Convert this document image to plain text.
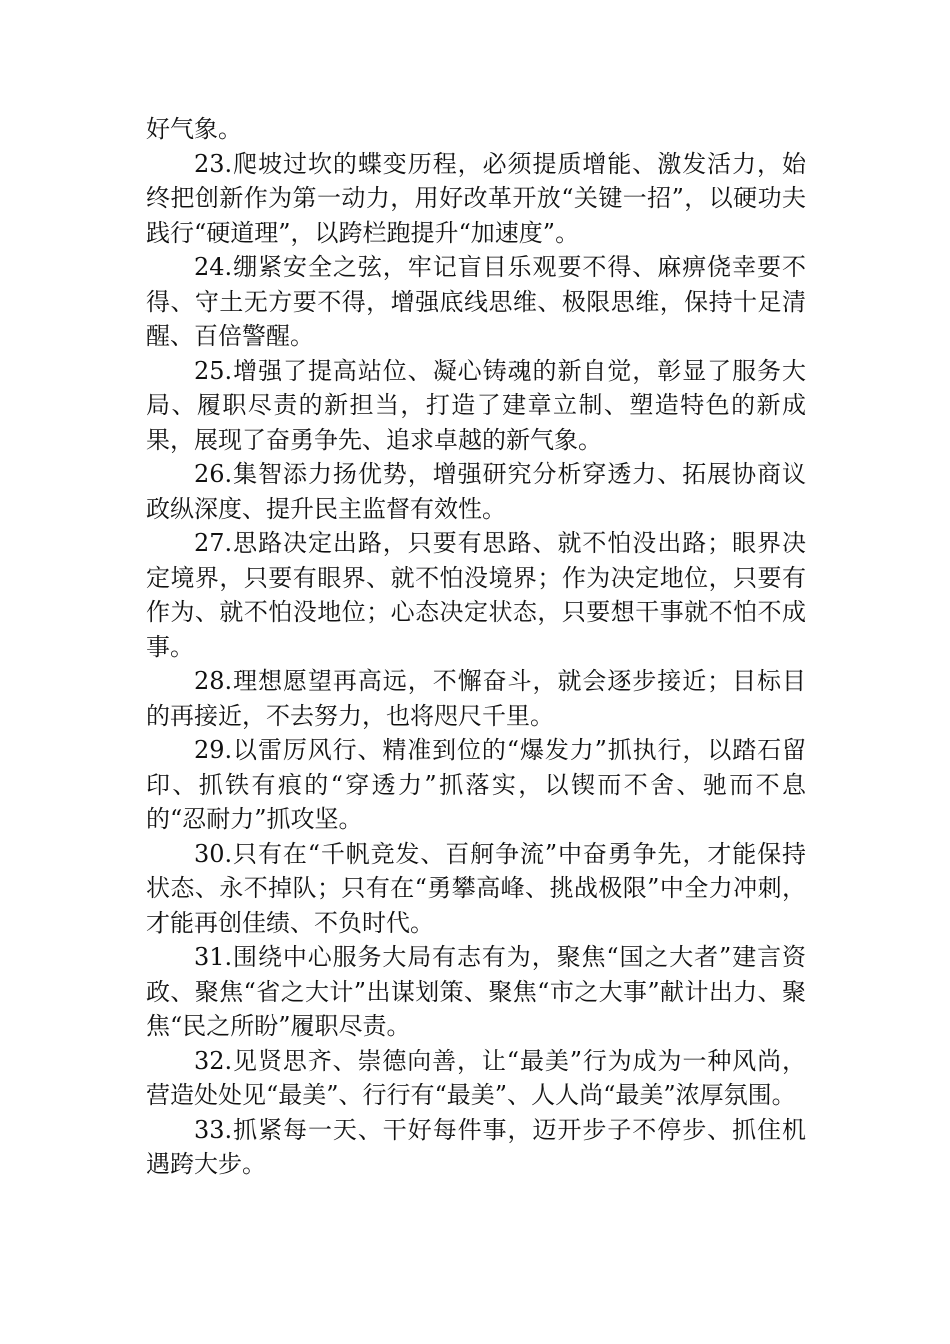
好气象。

23.爬坡过坎的蝶变历程，必须提质增能、激发活力，始终把创新作为第一动力，用好改革开放“关键一招”，以硬功夫践行“硬道理”，以跨栏跑提升“加速度”。

24.绷紧安全之弦，牢记盲目乐观要不得、麻痹侥幸要不得、守土无方要不得，增强底线思维、极限思维，保持十足清醒、百倍警醒。

25.增强了提高站位、凝心铸魂的新自觉，彰显了服务大局、履职尽责的新担当，打造了建章立制、塑造特色的新成果，展现了奋勇争先、追求卓越的新气象。

26.集智添力扬优势，增强研究分析穿透力、拓展协商议政纵深度、提升民主监督有效性。

27.思路决定出路，只要有思路、就不怕没出路；眼界决定境界，只要有眼界、就不怕没境界；作为决定地位，只要有作为、就不怕没地位；心态决定状态，只要想干事就不怕不成事。

28.理想愿望再高远，不懈奋斗，就会逐步接近；目标目的再接近，不去努力，也将咫尺千里。

29.以雷厉风行、精准到位的“爆发力”抓执行，以踏石留印、抓铁有痕的“穿透力”抓落实，以锲而不舍、驰而不息的“忍耐力”抓攻坚。

30.只有在“千帆竞发、百舸争流”中奋勇争先，才能保持状态、永不掉队；只有在“勇攀高峰、挑战极限”中全力冲刺，才能再创佳绩、不负时代。

31.围绕中心服务大局有志有为，聚焦“国之大者”建言资政、聚焦“省之大计”出谋划策、聚焦“市之大事”献计出力、聚焦“民之所盼”履职尽责。

32.见贤思齐、崇德向善，让“最美”行为成为一种风尚，营造处处见“最美”、行行有“最美”、人人尚“最美”浓厚氛围。

33.抓紧每一天、干好每件事，迈开步子不停步、抓住机遇跨大步。
